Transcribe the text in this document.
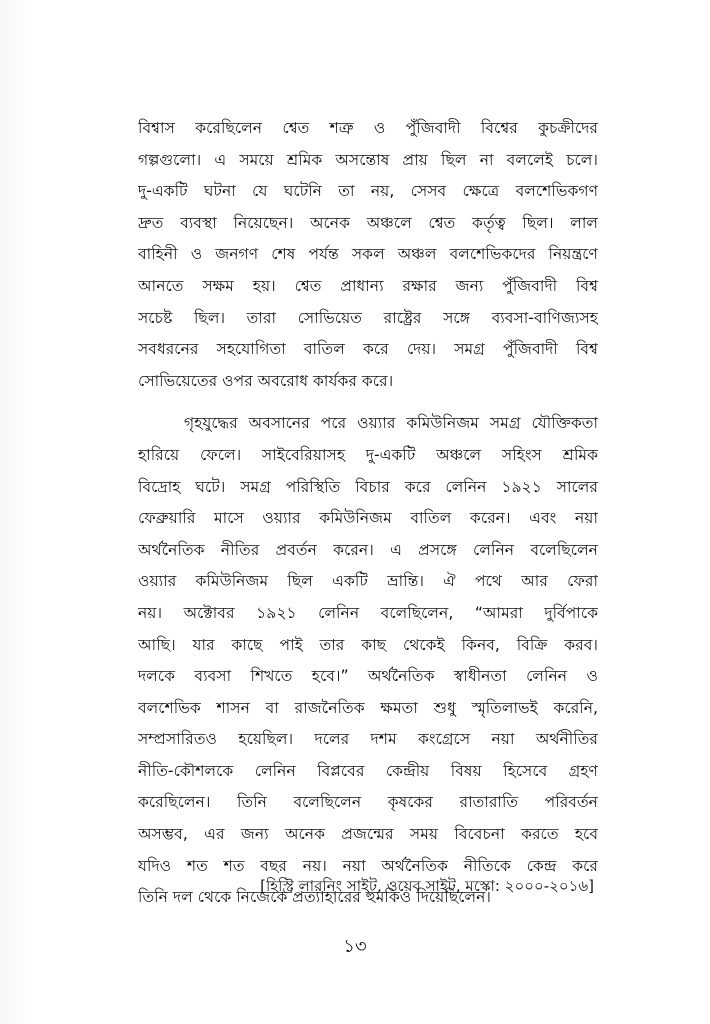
বিশ্বাস করেছিলেন শ্বেত শত্রু ও পুঁজিবাদী বিশ্বের কুচক্রীদের
গল্পগুলো। এ সময়ে শ্রমিক অসন্তোষ প্রায় ছিল না বললেই চলে।
দু-একটি ঘটনা যে ঘটেনি তা নয়, সেসব ক্ষেত্রে বলশেভিকগণ
দ্রুত ব্যবস্থা নিয়েছেন। অনেক অঞ্চলে শ্বেত কর্তৃত্ব ছিল। লাল
বাহিনী ও জনগণ শেষ পর্যন্ত সকল অঞ্চল বলশেভিকদের নিয়ন্ত্রণে
আনতে সক্ষম হয়। শ্বেত প্রাধান্য রক্ষার জন্য পুঁজিবাদী বিশ্ব
সচেষ্ট ছিল। তারা সোভিয়েত রাষ্ট্রের সঙ্গে ব্যবসা-বাণিজ্যসহ
সবধরনের সহযোগিতা বাতিল করে দেয়। সমগ্র পুঁজিবাদী বিশ্ব
সোভিয়েতের ওপর অবরোধ কার্যকর করে।
গৃহযুদ্ধের অবসানের পরে ওয়্যার কমিউনিজম সমগ্র যৌক্তিকতা
হারিয়ে ফেলে। সাইবেরিয়াসহ দু-একটি অঞ্চলে সহিংস শ্রমিক
বিদ্রোহ ঘটে। সমগ্র পরিস্থিতি বিচার করে লেনিন ১৯২১ সালের
ফেব্রুয়ারি মাসে ওয়্যার কমিউনিজম বাতিল করেন। এবং নয়া
অর্থনৈতিক নীতির প্রবর্তন করেন। এ প্রসঙ্গে লেনিন বলেছিলেন
ওয়্যার কমিউনিজম ছিল একটি ভ্রান্তি। ঐ পথে আর ফেরা
নয়। অক্টোবর ১৯২১ লেনিন বলেছিলেন, “আমরা দুর্বিপাকে
আছি। যার কাছে পাই তার কাছ থেকেই কিনব, বিক্রি করব।
দলকে ব্যবসা শিখতে হবে।” অর্থনৈতিক স্বাধীনতা লেনিন ও
বলশেভিক শাসন বা রাজনৈতিক ক্ষমতা শুধু স্মৃতিলাভই করেনি,
সম্প্রসারিতও হয়েছিল। দলের দশম কংগ্রেসে নয়া অর্থনীতির
নীতি-কৌশলকে লেনিন বিপ্লবের কেন্দ্রীয় বিষয় হিসেবে গ্রহণ
করেছিলেন। তিনি বলেছিলেন কৃষকের রাতারাতি পরিবর্তন
অসম্ভব, এর জন্য অনেক প্রজন্মের সময় বিবেচনা করতে হবে
যদিও শত শত বছর নয়। নয়া অর্থনৈতিক নীতিকে কেন্দ্র করে
তিনি দল থেকে নিজেকে প্রত্যাহারের হুমকিও দিয়েছিলেন।
[হিস্ট্রি লারনিং সাইট, ওয়েব সাইট, মস্কো: ২০০০-২০১৬]
১৩
